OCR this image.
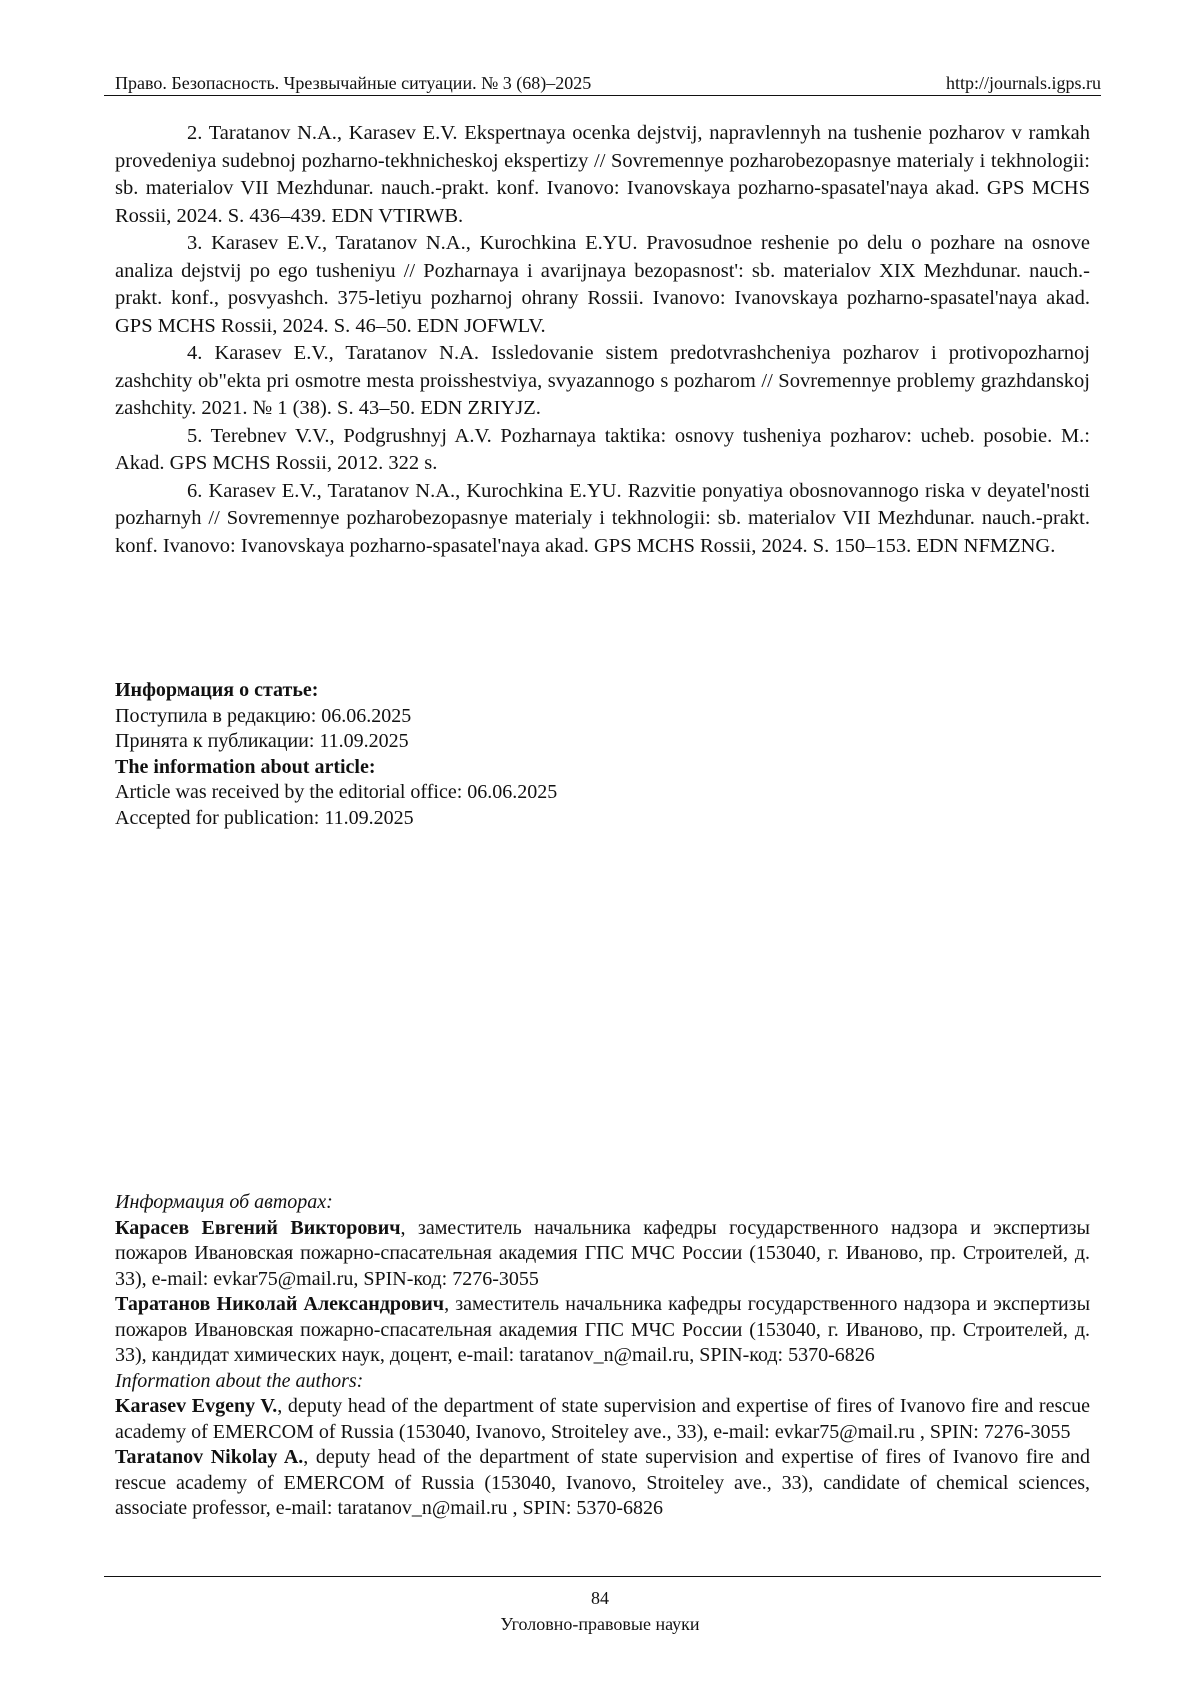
Право. Безопасность. Чрезвычайные ситуации. № 3 (68)–2025	http://journals.igps.ru

2. Taratanov N.A., Karasev E.V. Ekspertnaya ocenka dejstvij, napravlennyh na tushenie pozharov v ramkah provedeniya sudebnoj pozharno-tekhnicheskoj ekspertizy // Sovremennye pozharobezopasnye materialy i tekhnologii: sb. materialov VII Mezhdunar. nauch.-prakt. konf. Ivanovo: Ivanovskaya pozharno-spasatel'naya akad. GPS MCHS Rossii, 2024. S. 436–439. EDN VTIRWB.

3. Karasev E.V., Taratanov N.A., Kurochkina E.YU. Pravosudnoe reshenie po delu o pozhare na osnove analiza dejstvij po ego tusheniyu // Pozharnaya i avarijnaya bezopasnost': sb. materialov XIX Mezhdunar. nauch.-prakt. konf., posvyashch. 375-letiyu pozharnoj ohrany Rossii. Ivanovo: Ivanovskaya pozharno-spasatel'naya akad. GPS MCHS Rossii, 2024. S. 46–50. EDN JOFWLV.

4. Karasev E.V., Taratanov N.A. Issledovanie sistem predotvrashcheniya pozharov i protivopozharnoj zashchity ob"ekta pri osmotre mesta proisshestviya, svyazannogo s pozharom // Sovremennye problemy grazhdanskoj zashchity. 2021. № 1 (38). S. 43–50. EDN ZRIYJZ.

5. Terebnev V.V., Podgrushnyj A.V. Pozharnaya taktika: osnovy tusheniya pozharov: ucheb. posobie. M.: Akad. GPS MCHS Rossii, 2012. 322 s.

6. Karasev E.V., Taratanov N.A., Kurochkina E.YU. Razvitie ponyatiya obosnovannogo riska v deyatel'nosti pozharnyh // Sovremennye pozharobezopasnye materialy i tekhnologii: sb. materialov VII Mezhdunar. nauch.-prakt. konf. Ivanovo: Ivanovskaya pozharno-spasatel'naya akad. GPS MCHS Rossii, 2024. S. 150–153. EDN NFMZNG.

Информация о статье:
Поступила в редакцию: 06.06.2025
Принята к публикации: 11.09.2025
The information about article:
Article was received by the editorial office: 06.06.2025
Accepted for publication: 11.09.2025

Информация об авторах:

Карасев Евгений Викторович, заместитель начальника кафедры государственного надзора и экспертизы пожаров Ивановская пожарно-спасательная академия ГПС МЧС России (153040, г. Иваново, пр. Строителей, д. 33), e-mail: evkar75@mail.ru, SPIN-код: 7276-3055

Таратанов Николай Александрович, заместитель начальника кафедры государственного надзора и экспертизы пожаров Ивановская пожарно-спасательная академия ГПС МЧС России (153040, г. Иваново, пр. Строителей, д. 33), кандидат химических наук, доцент, e-mail: taratanov_n@mail.ru, SPIN-код: 5370-6826

Information about the authors:

Karasev Evgeny V., deputy head of the department of state supervision and expertise of fires of Ivanovo fire and rescue academy of EMERCOM of Russia (153040, Ivanovo, Stroiteley ave., 33), e-mail: evkar75@mail.ru , SPIN: 7276-3055

Taratanov Nikolay A., deputy head of the department of state supervision and expertise of fires of Ivanovo fire and rescue academy of EMERCOM of Russia (153040, Ivanovo, Stroiteley ave., 33), candidate of chemical sciences, associate professor, e-mail: taratanov_n@mail.ru , SPIN: 5370-6826

84
Уголовно-правовые науки
